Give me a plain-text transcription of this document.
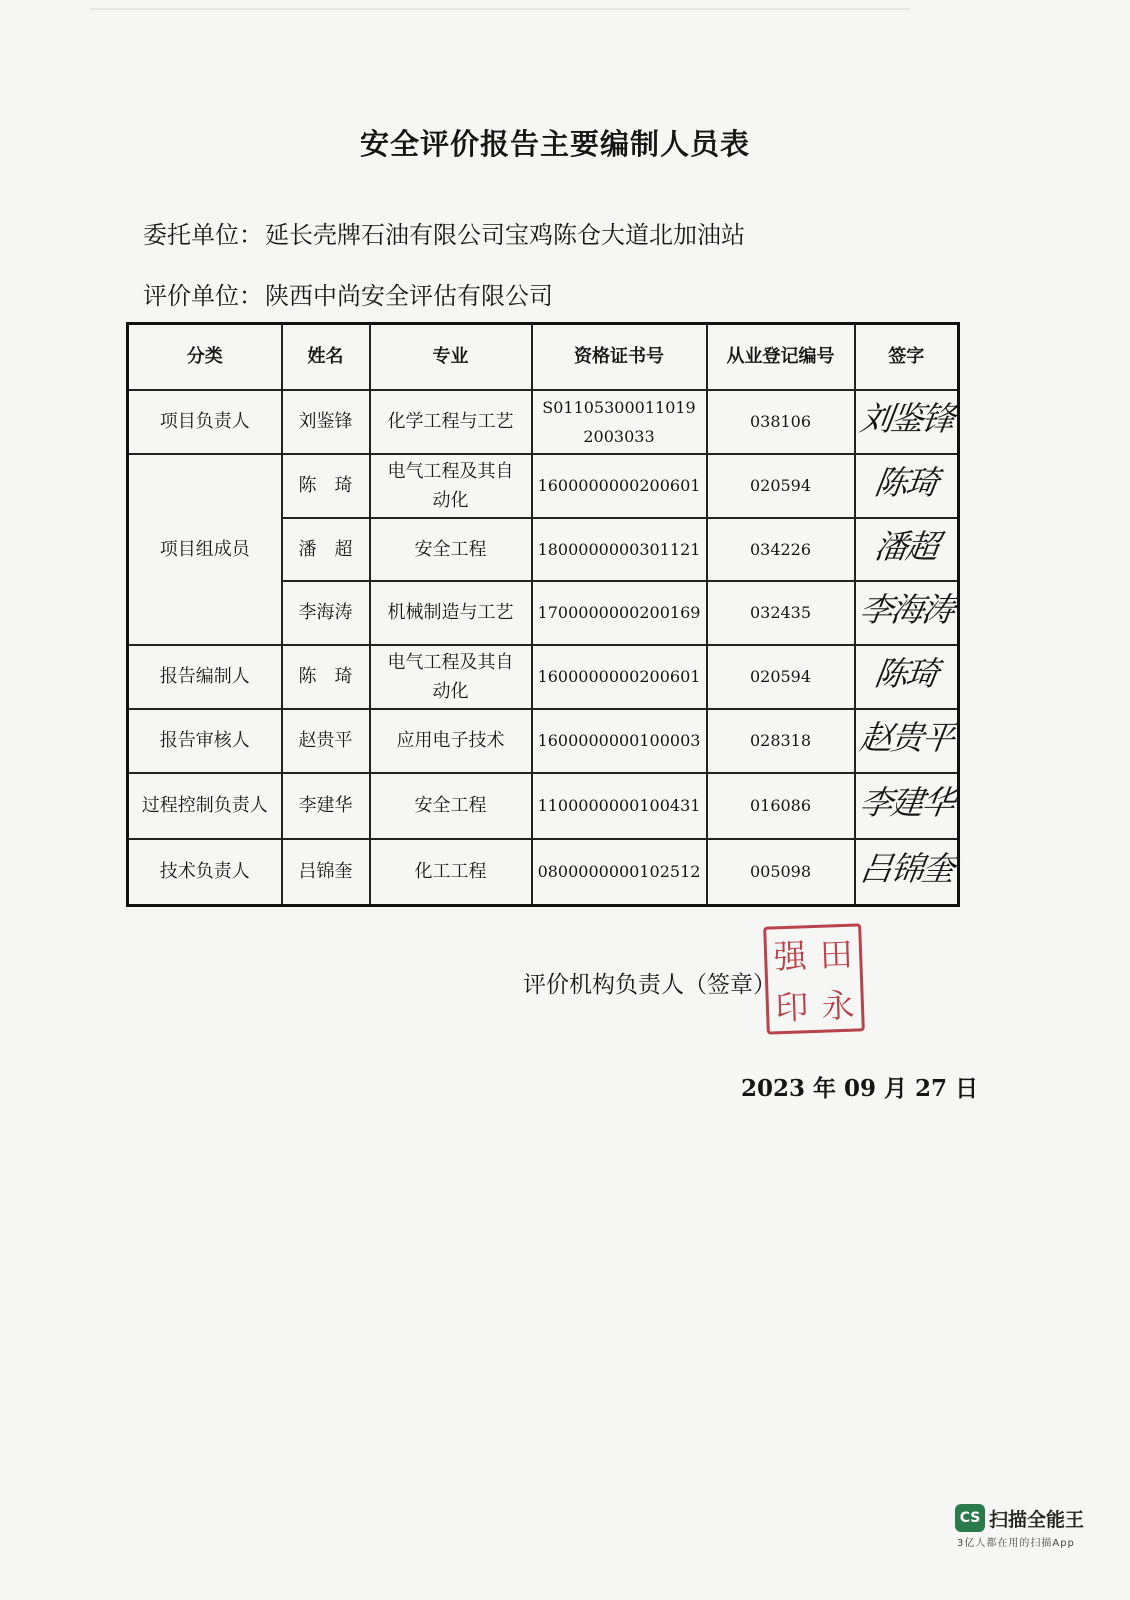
安全评价报告主要编制人员表
委托单位：延长壳牌石油有限公司宝鸡陈仓大道北加油站
评价单位：陕西中尚安全评估有限公司
分类	姓名	专业	资格证书号	从业登记编号	签字
项目负责人	刘鉴锋	化学工程与工艺	S011053000110192003033	038106	刘鉴锋
项目组成员	陈　琦	电气工程及其自动化	1600000000200601	020594	陈琦
	潘　超	安全工程	1800000000301121	034226	潘超
	李海涛	机械制造与工艺	1700000000200169	032435	李海涛
报告编制人	陈　琦	电气工程及其自动化	1600000000200601	020594	陈琦
报告审核人	赵贵平	应用电子技术	1600000000100003	028318	赵贵平
过程控制负责人	李建华	安全工程	1100000000100431	016086	李建华
技术负责人	吕锦奎	化工工程	0800000000102512	005098	吕锦奎
评价机构负责人（签章）
强 田
印 永
2023 年 09 月 27 日
CS 扫描全能王
3亿人都在用的扫描App
